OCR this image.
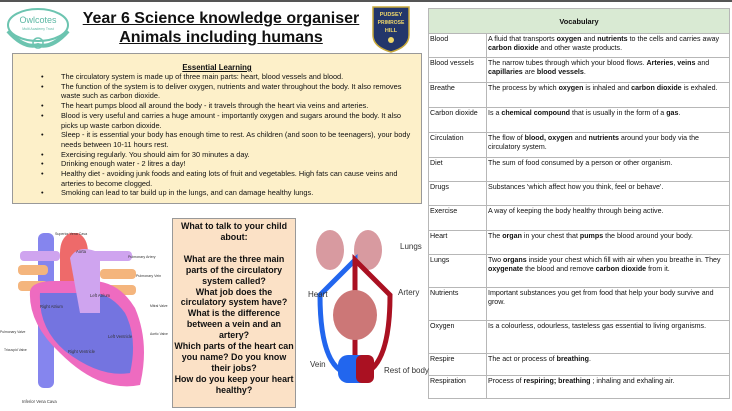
Owlcotes
Multi Academy Trust
Year 6 Science knowledge organiser
Animals including humans
PUDSEY
PRIMROSE
HILL
Essential Learning
• The circulatory system is made up of three main parts: heart, blood vessels and blood.
• The function of the system is to deliver oxygen, nutrients and water throughout the body. It also removes waste such as carbon dioxide.
• The heart pumps blood all around the body - it travels through the heart via veins and arteries.
• Blood is very useful and carries a huge amount - importantly oxygen and sugars around the body. It also picks up waste carbon dioxide.
• Sleep - it is essential your body has enough time to rest. As children (and soon to be teenagers), your body needs between 10-11 hours rest.
• Exercising regularly. You should aim for 30 minutes a day.
• Drinking enough water - 2 litres a day!
• Healthy diet - avoiding junk foods and eating lots of fruit and vegetables. High fats can cause veins and arteries to become clogged.
• Smoking can lead to tar build up in the lungs, and can damage healthy lungs.
Vocabulary	
Blood	A fluid that transports oxygen and nutrients to the cells and carries away carbon dioxide and other waste products.
Blood vessels	The narrow tubes through which your blood flows. Arteries, veins and capillaries are blood vessels.
Breathe	The process by which oxygen is inhaled and carbon dioxide is exhaled.
Carbon dioxide	Is a chemical compound that is usually in the form of a gas.
Circulation	The flow of blood, oxygen and nutrients around your body via the circulatory system.
Diet	The sum of food consumed by a person or other organism.
Drugs	Substances 'which affect how you think, feel or behave'.
Exercise	A way of keeping the body healthy through being active.
Heart	The organ in your chest that pumps the blood around your body.
Lungs	Two organs inside your chest which fill with air when you breathe in. They oxygenate the blood and remove carbon dioxide from it.
Nutrients	Important substances you get from food that help your body survive and grow.
Oxygen	Is a colourless, odourless, tasteless gas essential to living organisms.
Respire	The act or process of breathing.
Respiration	Process of respiring; breathing ; inhaling and exhaling air.
Superior Vena Cava
Aorta
Pulmonary Artery
Pulmonary Vein
Left Atrium
Right Atrium	Mitral Valve
Aortic Valve
Pulmonary Valve
Left Ventricle
Right Ventricle
Tricuspid Valve
Inferior Vena Cava
What to talk to your child about:
What are the three main parts of the circulatory system called?
What job does the circulatory system have?
What is the difference between a vein and an artery?
Which parts of the heart can you name? Do you know their jobs?
How do you keep your heart healthy?
Lungs
Heart	Artery
Vein
Rest of body
